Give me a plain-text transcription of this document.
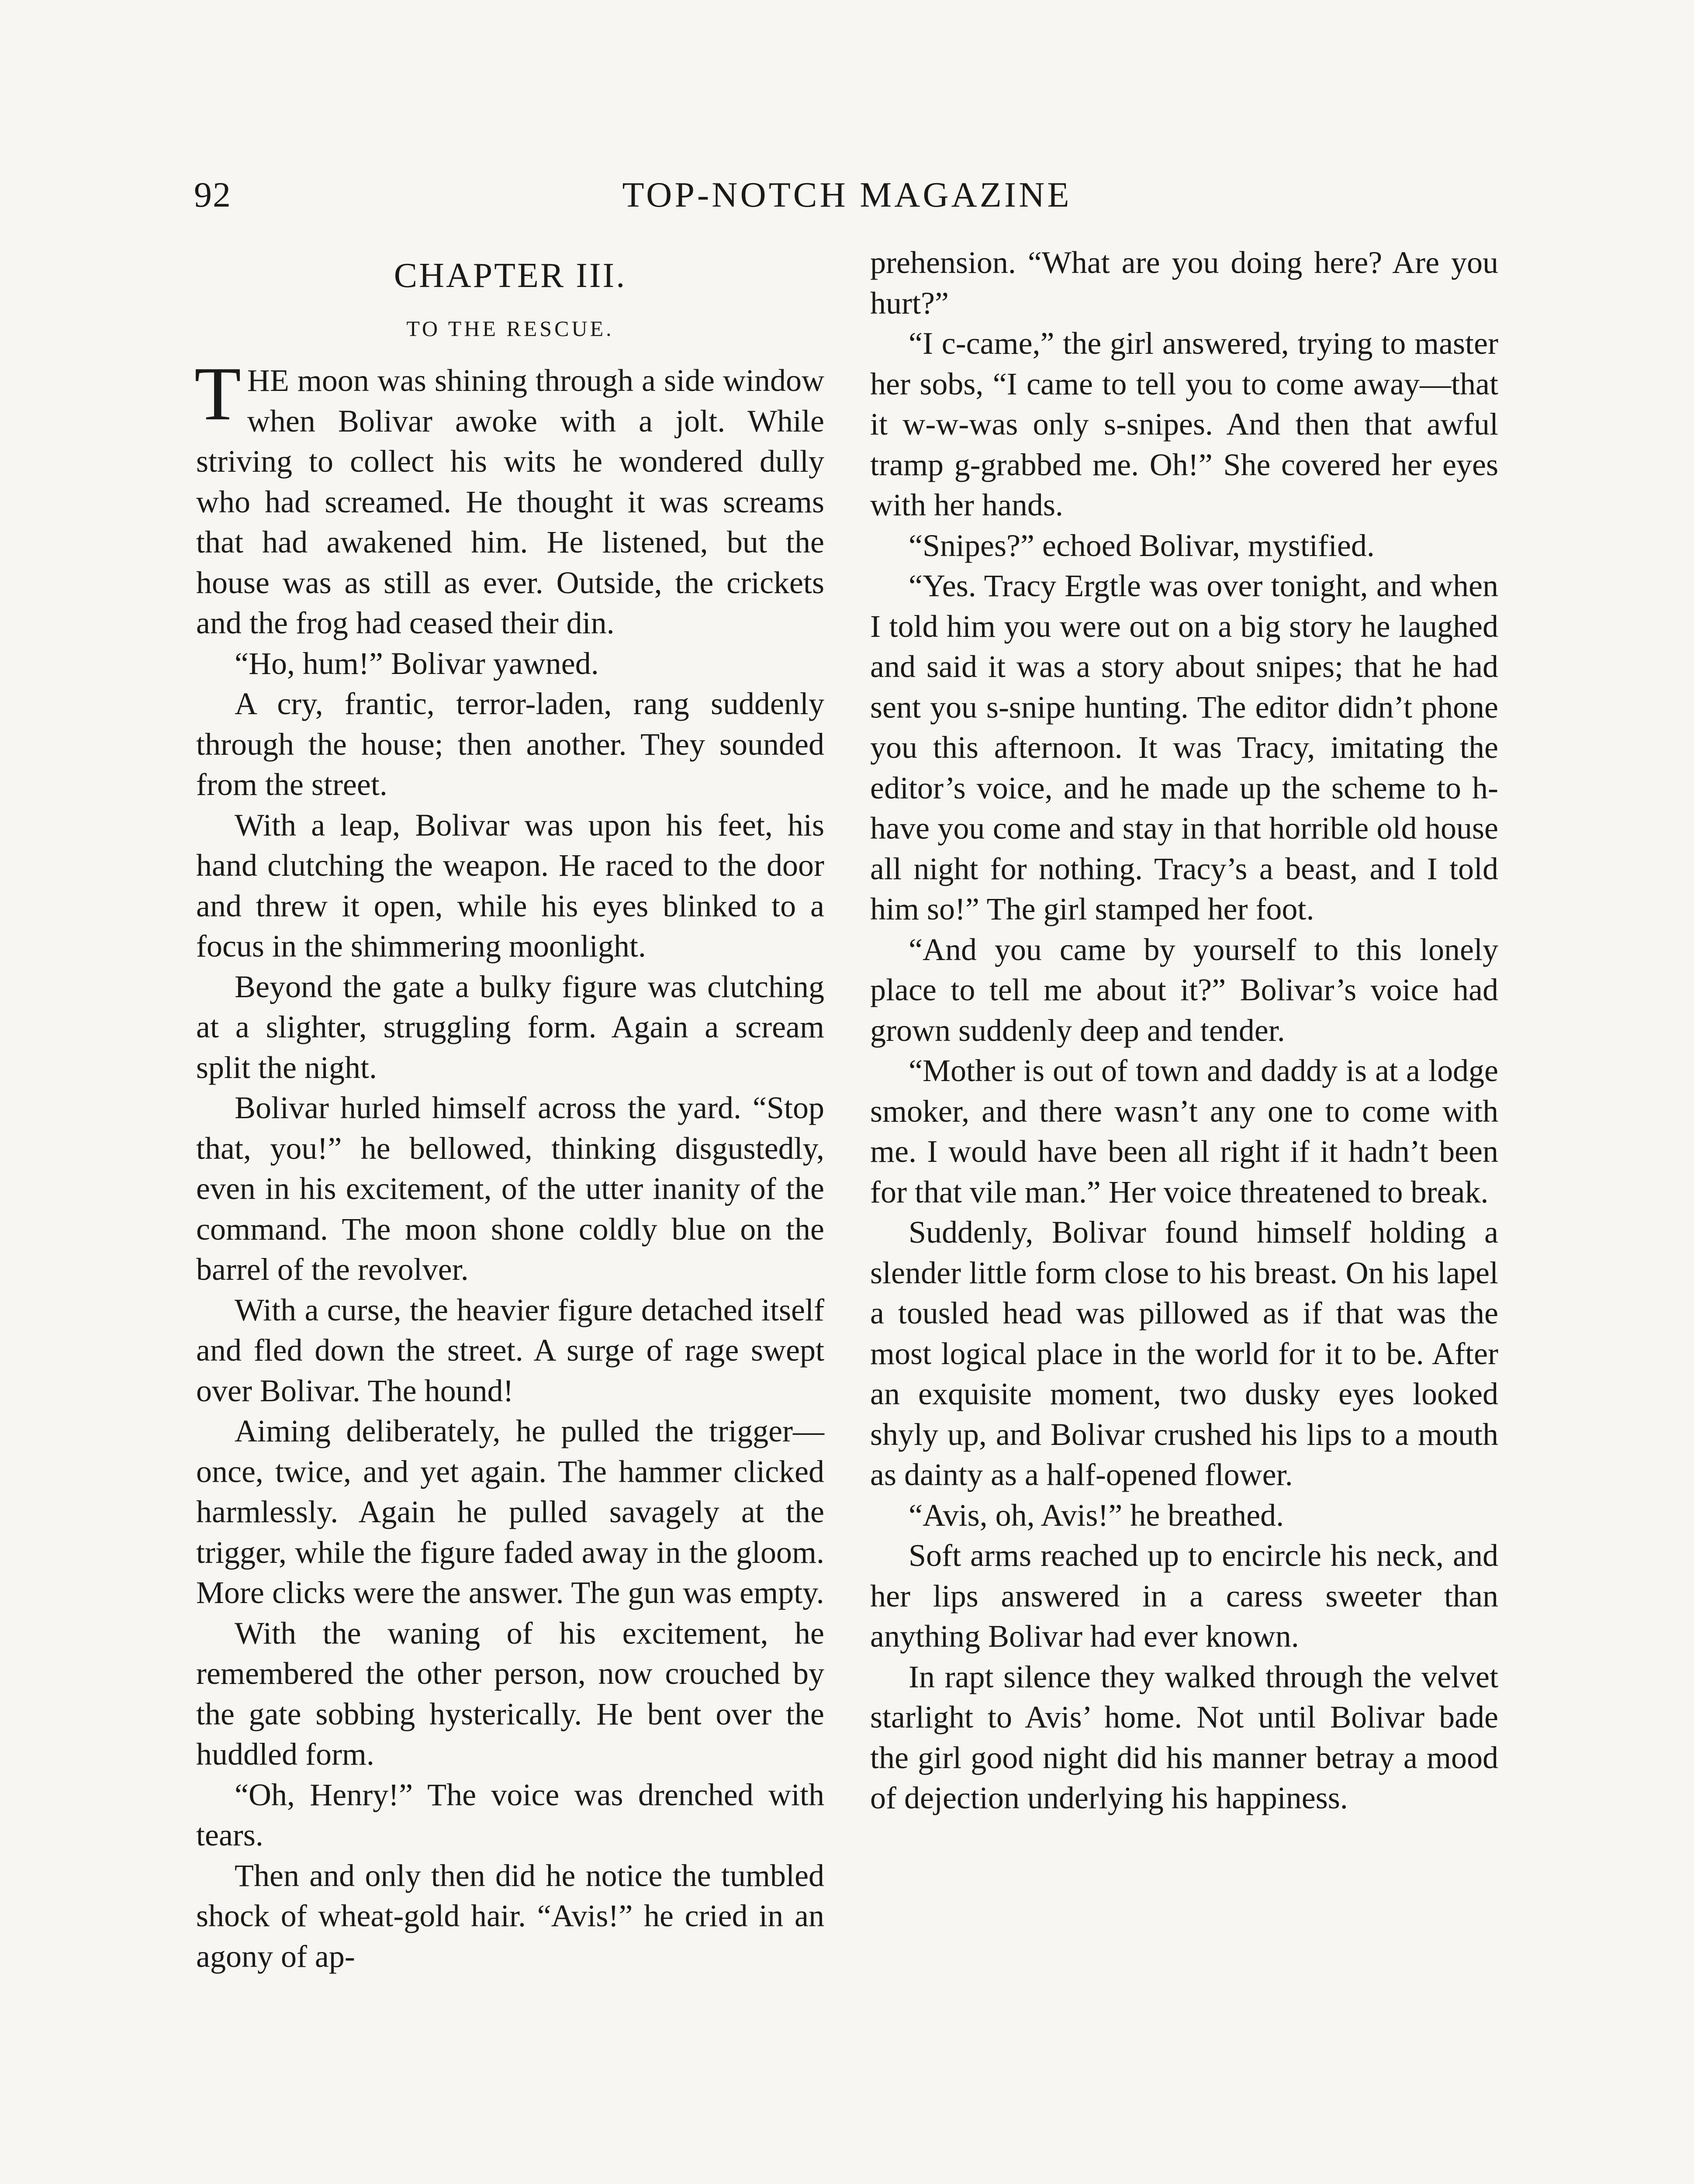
92	TOP-NOTCH MAGAZINE
CHAPTER III.
TO THE RESCUE.

THE moon was shining through a side window when Bolivar awoke with a jolt. While striving to collect his wits he wondered dully who had screamed. He thought it was screams that had awakened him. He listened, but the house was as still as ever. Outside, the crickets and the frog had ceased their din.

“Ho, hum!” Bolivar yawned.

A cry, frantic, terror-laden, rang suddenly through the house; then another. They sounded from the street.

With a leap, Bolivar was upon his feet, his hand clutching the weapon. He raced to the door and threw it open, while his eyes blinked to a focus in the shimmering moonlight.

Beyond the gate a bulky figure was clutching at a slighter, struggling form. Again a scream split the night.

Bolivar hurled himself across the yard. “Stop that, you!” he bellowed, thinking disgustedly, even in his excitement, of the utter inanity of the command. The moon shone coldly blue on the barrel of the revolver.

With a curse, the heavier figure detached itself and fled down the street. A surge of rage swept over Bolivar. The hound!

Aiming deliberately, he pulled the trigger—once, twice, and yet again. The hammer clicked harmlessly. Again he pulled savagely at the trigger, while the figure faded away in the gloom. More clicks were the answer. The gun was empty.

With the waning of his excitement, he remembered the other person, now crouched by the gate sobbing hysterically. He bent over the huddled form.

“Oh, Henry!” The voice was drenched with tears.

Then and only then did he notice the tumbled shock of wheat-gold hair. “Avis!” he cried in an agony of ap-

prehension. “What are you doing here? Are you hurt?”

“I c-came,” the girl answered, trying to master her sobs, “I came to tell you to come away—that it w-w-was only s-snipes. And then that awful tramp g-grabbed me. Oh!” She covered her eyes with her hands.

“Snipes?” echoed Bolivar, mystified.

“Yes. Tracy Ergtle was over tonight, and when I told him you were out on a big story he laughed and said it was a story about snipes; that he had sent you s-snipe hunting. The editor didn’t phone you this afternoon. It was Tracy, imitating the editor’s voice, and he made up the scheme to h-have you come and stay in that horrible old house all night for nothing. Tracy’s a beast, and I told him so!” The girl stamped her foot.

“And you came by yourself to this lonely place to tell me about it?” Bolivar’s voice had grown suddenly deep and tender.

“Mother is out of town and daddy is at a lodge smoker, and there wasn’t any one to come with me. I would have been all right if it hadn’t been for that vile man.” Her voice threatened to break.

Suddenly, Bolivar found himself holding a slender little form close to his breast. On his lapel a tousled head was pillowed as if that was the most logical place in the world for it to be. After an exquisite moment, two dusky eyes looked shyly up, and Bolivar crushed his lips to a mouth as dainty as a half-opened flower.

“Avis, oh, Avis!” he breathed.

Soft arms reached up to encircle his neck, and her lips answered in a caress sweeter than anything Bolivar had ever known.

In rapt silence they walked through the velvet starlight to Avis’ home. Not until Bolivar bade the girl good night did his manner betray a mood of dejection underlying his happiness.
